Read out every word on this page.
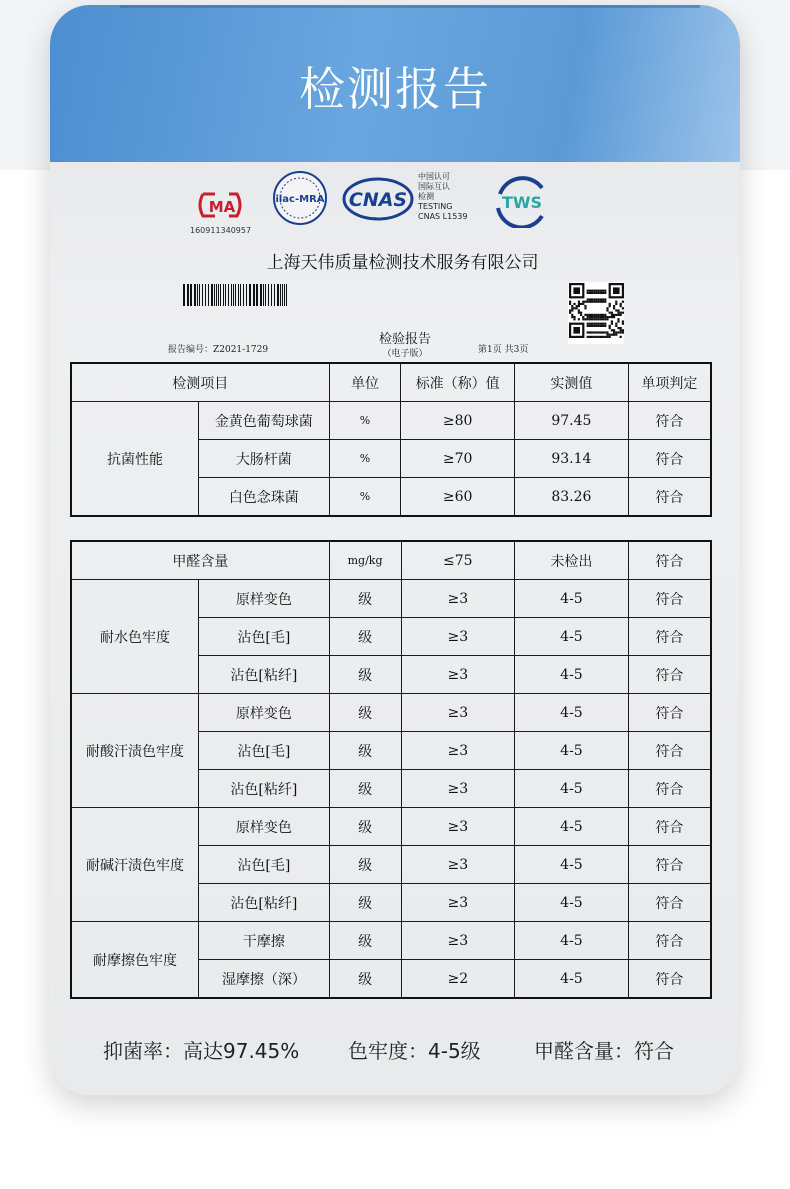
检测报告
MA
160911340957
ilac-MRA CNAS
中国认可
国际互认
检测
TESTING
CNAS L1539
TWS
上海天伟质量检测技术服务有限公司
报告编号：Z2021-1729
检验报告
（电子版）	第1页 共3页
检测项目		单位	标准（称）值	实测值	单项判定
抗菌性能	金黄色葡萄球菌	%	≥80	97.45	符合
	大肠杆菌	%	≥70	93.14	符合
	白色念珠菌	%	≥60	83.26	符合
甲醛含量		mg/kg	≤75	未检出	符合
耐水色牢度	原样变色	级	≥3	4-5	符合
	沾色[毛]	级	≥3	4-5	符合
	沾色[粘纤]	级	≥3	4-5	符合
耐酸汗渍色牢度	原样变色	级	≥3	4-5	符合
	沾色[毛]	级	≥3	4-5	符合
	沾色[粘纤]	级	≥3	4-5	符合
耐碱汗渍色牢度	原样变色	级	≥3	4-5	符合
	沾色[毛]	级	≥3	4-5	符合
	沾色[粘纤]	级	≥3	4-5	符合
耐摩擦色牢度	干摩擦	级	≥3	4-5	符合
	湿摩擦（深）	级	≥2	4-5	符合
抑菌率：高达97.45% 色牢度：4-5级	甲醛含量：符合
